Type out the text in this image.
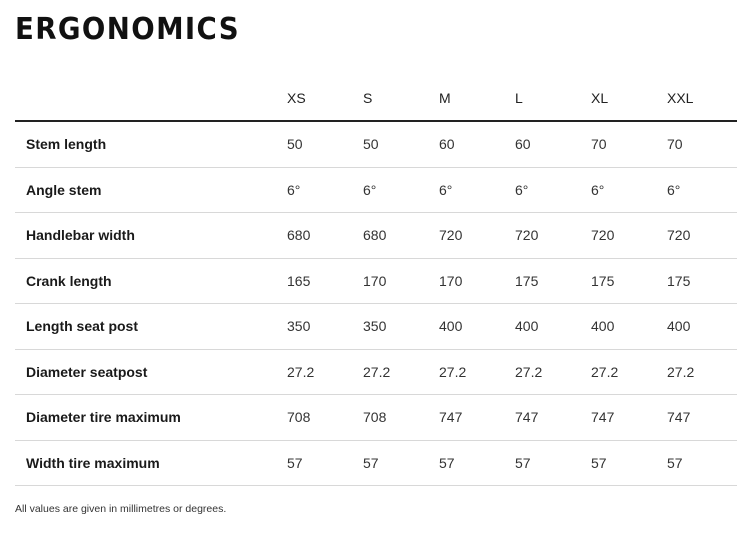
ERGONOMICS
	XS	S	M	L	XL	XXL
Stem length	50	50	60	60	70	70
Angle stem	6°	6°	6°	6°	6°	6°
Handlebar width	680	680	720	720	720	720
Crank length	165	170	170	175	175	175
Length seat post	350	350	400	400	400	400
Diameter seatpost	27.2	27.2	27.2	27.2	27.2	27.2
Diameter tire maximum	708	708	747	747	747	747
Width tire maximum	57	57	57	57	57	57
All values are given in millimetres or degrees.
